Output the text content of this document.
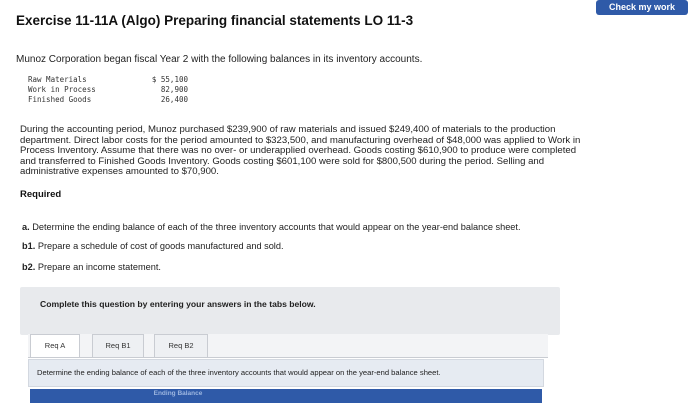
Check my work
Exercise 11-11A (Algo) Preparing financial statements LO 11-3
Munoz Corporation began fiscal Year 2 with the following balances in its inventory accounts.
Raw Materials	$ 55,100
Work in Process	82,900
Finished Goods	26,400
During the accounting period, Munoz purchased $239,900 of raw materials and issued $249,400 of materials to the production
department. Direct labor costs for the period amounted to $323,500, and manufacturing overhead of $48,000 was applied to Work in
Process Inventory. Assume that there was no over- or underapplied overhead. Goods costing $610,900 to produce were completed
and transferred to Finished Goods Inventory. Goods costing $601,100 were sold for $800,500 during the period. Selling and
administrative expenses amounted to $70,900.
Required
a. Determine the ending balance of each of the three inventory accounts that would appear on the year-end balance sheet.
b1. Prepare a schedule of cost of goods manufactured and sold.
b2. Prepare an income statement.
Complete this question by entering your answers in the tabs below.
Req A	Req B1	Req B2
Determine the ending balance of each of the three inventory accounts that would appear on the year-end balance sheet.
Ending Balance
